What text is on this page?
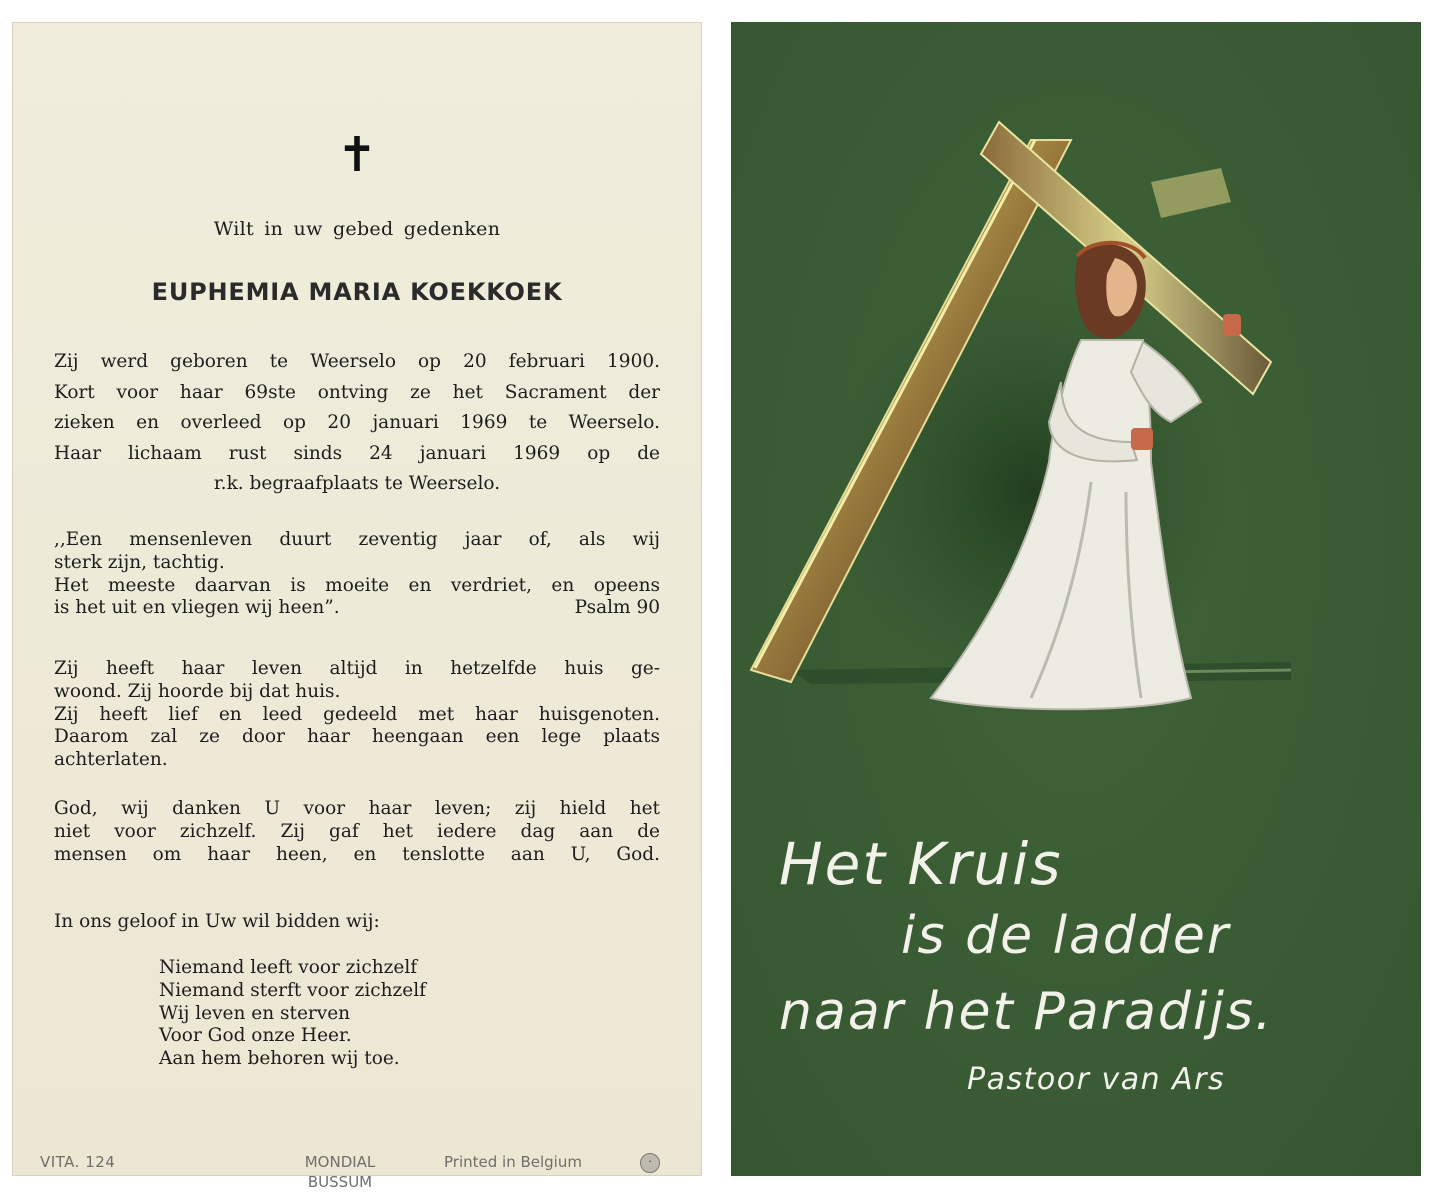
✝
Wilt in uw gebed gedenken
EUPHEMIA MARIA KOEKKOEK
Zij werd geboren te Weerselo op 20 februari 1900.
Kort voor haar 69ste ontving ze het Sacrament der
zieken en overleed op 20 januari 1969 te Weerselo.
Haar lichaam rust sinds 24 januari 1969 op de
r.k. begraafplaats te Weerselo.
,,Een mensenleven duurt zeventig jaar of, als wij
sterk zijn, tachtig.
Het meeste daarvan is moeite en verdriet, en opeens
is het uit en vliegen wij heen”.	Psalm 90
Zij heeft haar leven altijd in hetzelfde huis ge-
woond. Zij hoorde bij dat huis.
Zij heeft lief en leed gedeeld met haar huisgenoten.
Daarom zal ze door haar heengaan een lege plaats
achterlaten.
God, wij danken U voor haar leven; zij hield het
niet voor zichzelf. Zij gaf het iedere dag aan de
mensen om haar heen, en tenslotte aan U, God.
In ons geloof in Uw wil bidden wij:
Niemand leeft voor zichzelf
Niemand sterft voor zichzelf
Wij leven en sterven
Voor God onze Heer.
Aan hem behoren wij toe.
VITA. 124	MONDIAL
BUSSUM
Printed in Belgium	·
Het Kruis
is de ladder
naar het Paradijs.
Pastoor van Ars
